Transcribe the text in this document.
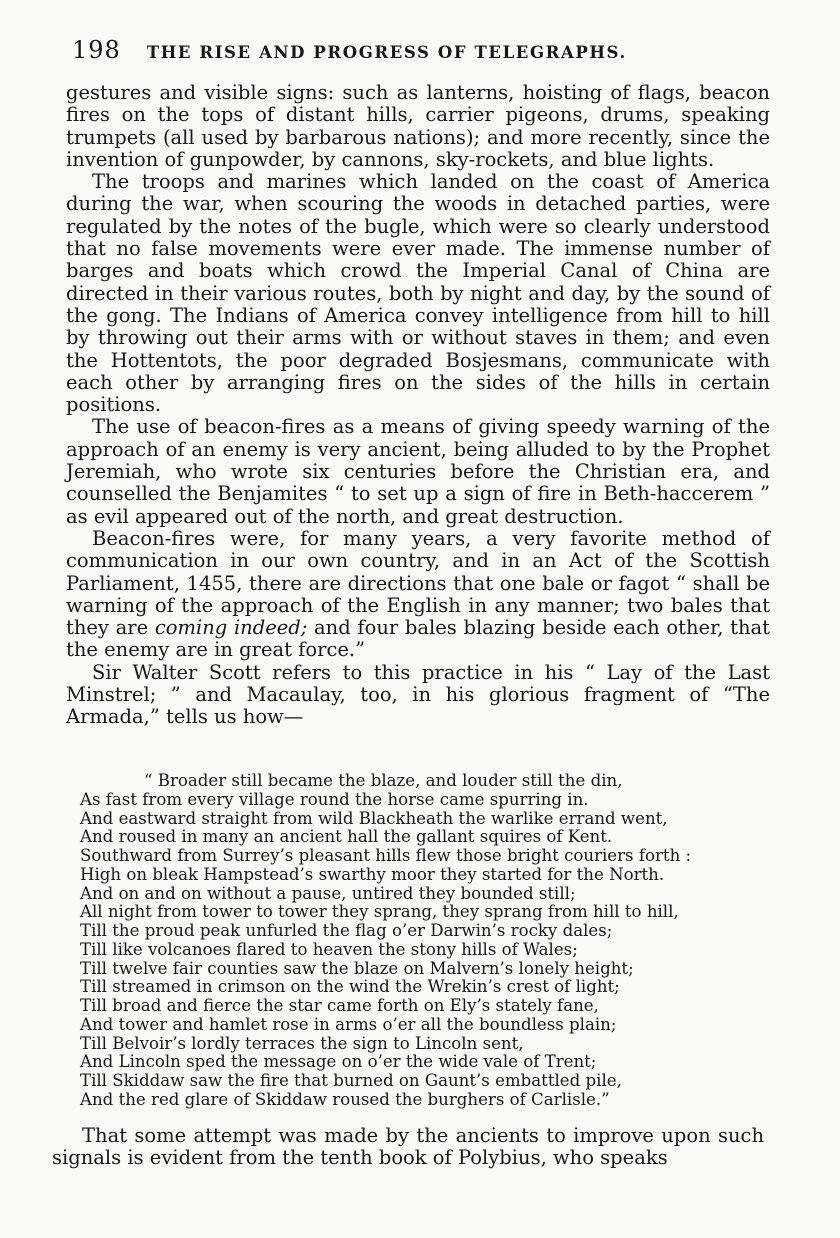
198 THE RISE AND PROGRESS OF TELEGRAPHS.

gestures and visible signs: such as lanterns, hoisting of flags, beacon fires on the tops of distant hills, carrier pigeons, drums, speaking trumpets (all used by barbarous nations); and more recently, since the invention of gunpowder, by cannons, sky-rockets, and blue lights.

The troops and marines which landed on the coast of America during the war, when scouring the woods in detached parties, were regulated by the notes of the bugle, which were so clearly understood that no false movements were ever made. The immense number of barges and boats which crowd the Imperial Canal of China are directed in their various routes, both by night and day, by the sound of the gong. The Indians of America convey intelligence from hill to hill by throwing out their arms with or without staves in them; and even the Hottentots, the poor degraded Bosjesmans, communicate with each other by arranging fires on the sides of the hills in certain positions.

The use of beacon-fires as a means of giving speedy warning of the approach of an enemy is very ancient, being alluded to by the Prophet Jeremiah, who wrote six centuries before the Christian era, and counselled the Benjamites “ to set up a sign of fire in Beth-haccerem ” as evil appeared out of the north, and great destruction.

Beacon-fires were, for many years, a very favorite method of communication in our own country, and in an Act of the Scottish Parliament, 1455, there are directions that one bale or fagot “ shall be warning of the approach of the English in any manner; two bales that they are coming indeed; and four bales blazing beside each other, that the enemy are in great force.”

Sir Walter Scott refers to this practice in his “ Lay of the Last Minstrel; ” and Macaulay, too, in his glorious fragment of “The Armada,” tells us how—

“ Broader still became the blaze, and louder still the din,
As fast from every village round the horse came spurring in.
And eastward straight from wild Blackheath the warlike errand went,
And roused in many an ancient hall the gallant squires of Kent.
Southward from Surrey’s pleasant hills flew those bright couriers forth :
High on bleak Hampstead’s swarthy moor they started for the North.
And on and on without a pause, untired they bounded still;
All night from tower to tower they sprang, they sprang from hill to hill,
Till the proud peak unfurled the flag o’er Darwin’s rocky dales;
Till like volcanoes flared to heaven the stony hills of Wales;
Till twelve fair counties saw the blaze on Malvern’s lonely height;
Till streamed in crimson on the wind the Wrekin’s crest of light;
Till broad and fierce the star came forth on Ely’s stately fane,
And tower and hamlet rose in arms o’er all the boundless plain;
Till Belvoir’s lordly terraces the sign to Lincoln sent,
And Lincoln sped the message on o’er the wide vale of Trent;
Till Skiddaw saw the fire that burned on Gaunt’s embattled pile,
And the red glare of Skiddaw roused the burghers of Carlisle.”

That some attempt was made by the ancients to improve upon such signals is evident from the tenth book of Polybius, who speaks
